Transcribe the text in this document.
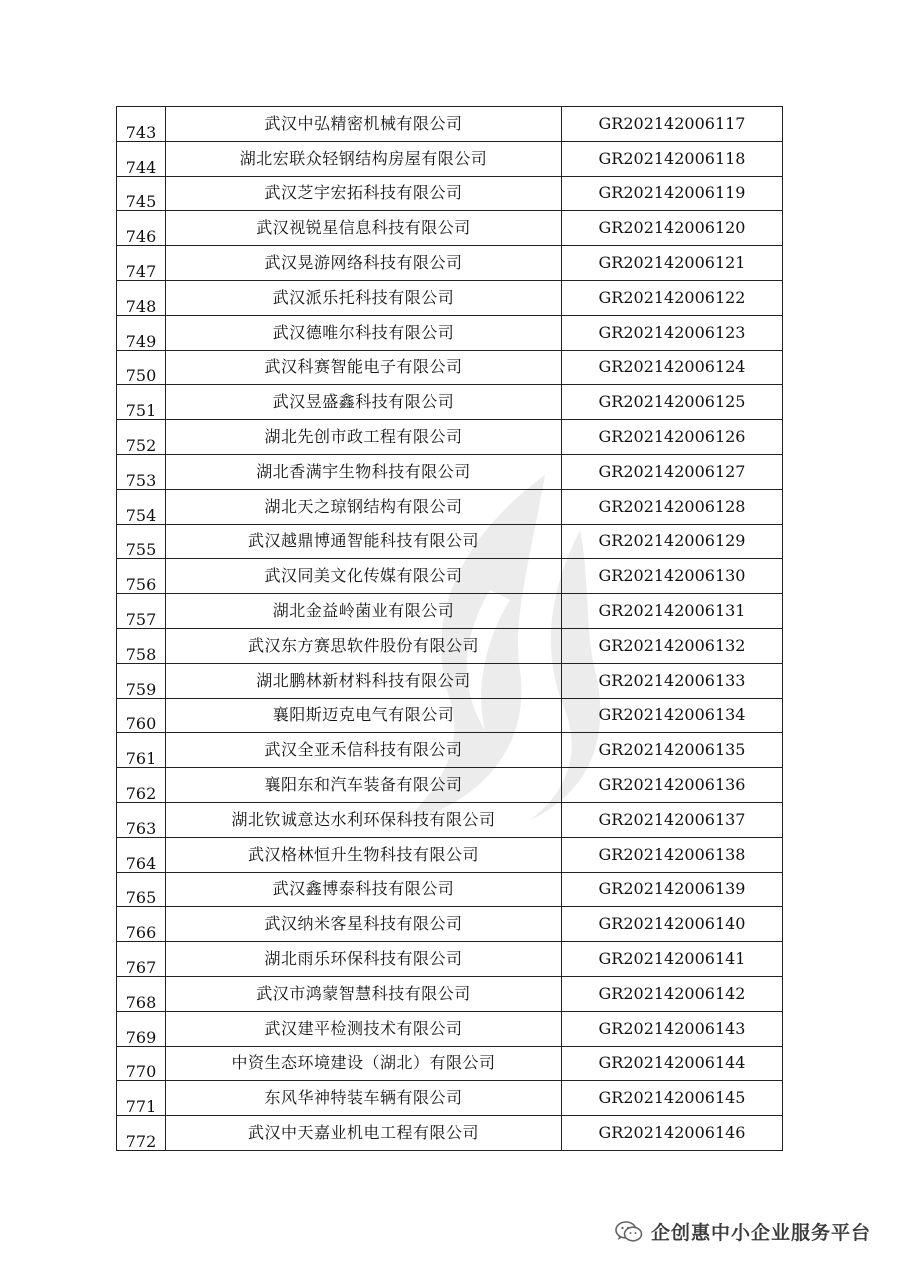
743	武汉中弘精密机械有限公司	GR202142006117
744	湖北宏联众轻钢结构房屋有限公司	GR202142006118
745	武汉芝宇宏拓科技有限公司	GR202142006119
746	武汉视锐星信息科技有限公司	GR202142006120
747	武汉晃游网络科技有限公司	GR202142006121
748	武汉派乐托科技有限公司	GR202142006122
749	武汉德唯尔科技有限公司	GR202142006123
750	武汉科赛智能电子有限公司	GR202142006124
751	武汉昱盛鑫科技有限公司	GR202142006125
752	湖北先创市政工程有限公司	GR202142006126
753	湖北香满宇生物科技有限公司	GR202142006127
754	湖北天之琼钢结构有限公司	GR202142006128
755	武汉越鼎博通智能科技有限公司	GR202142006129
756	武汉同美文化传媒有限公司	GR202142006130
757	湖北金益岭菌业有限公司	GR202142006131
758	武汉东方赛思软件股份有限公司	GR202142006132
759	湖北鹏林新材料科技有限公司	GR202142006133
760	襄阳斯迈克电气有限公司	GR202142006134
761	武汉全亚禾信科技有限公司	GR202142006135
762	襄阳东和汽车装备有限公司	GR202142006136
763	湖北钦诚意达水利环保科技有限公司	GR202142006137
764	武汉格林恒升生物科技有限公司	GR202142006138
765	武汉鑫博泰科技有限公司	GR202142006139
766	武汉纳米客星科技有限公司	GR202142006140
767	湖北雨乐环保科技有限公司	GR202142006141
768	武汉市鸿蒙智慧科技有限公司	GR202142006142
769	武汉建平检测技术有限公司	GR202142006143
770	中资生态环境建设（湖北）有限公司	GR202142006144
771	东风华神特装车辆有限公司	GR202142006145
772	武汉中天嘉业机电工程有限公司	GR202142006146
企创惠中小企业服务平台
